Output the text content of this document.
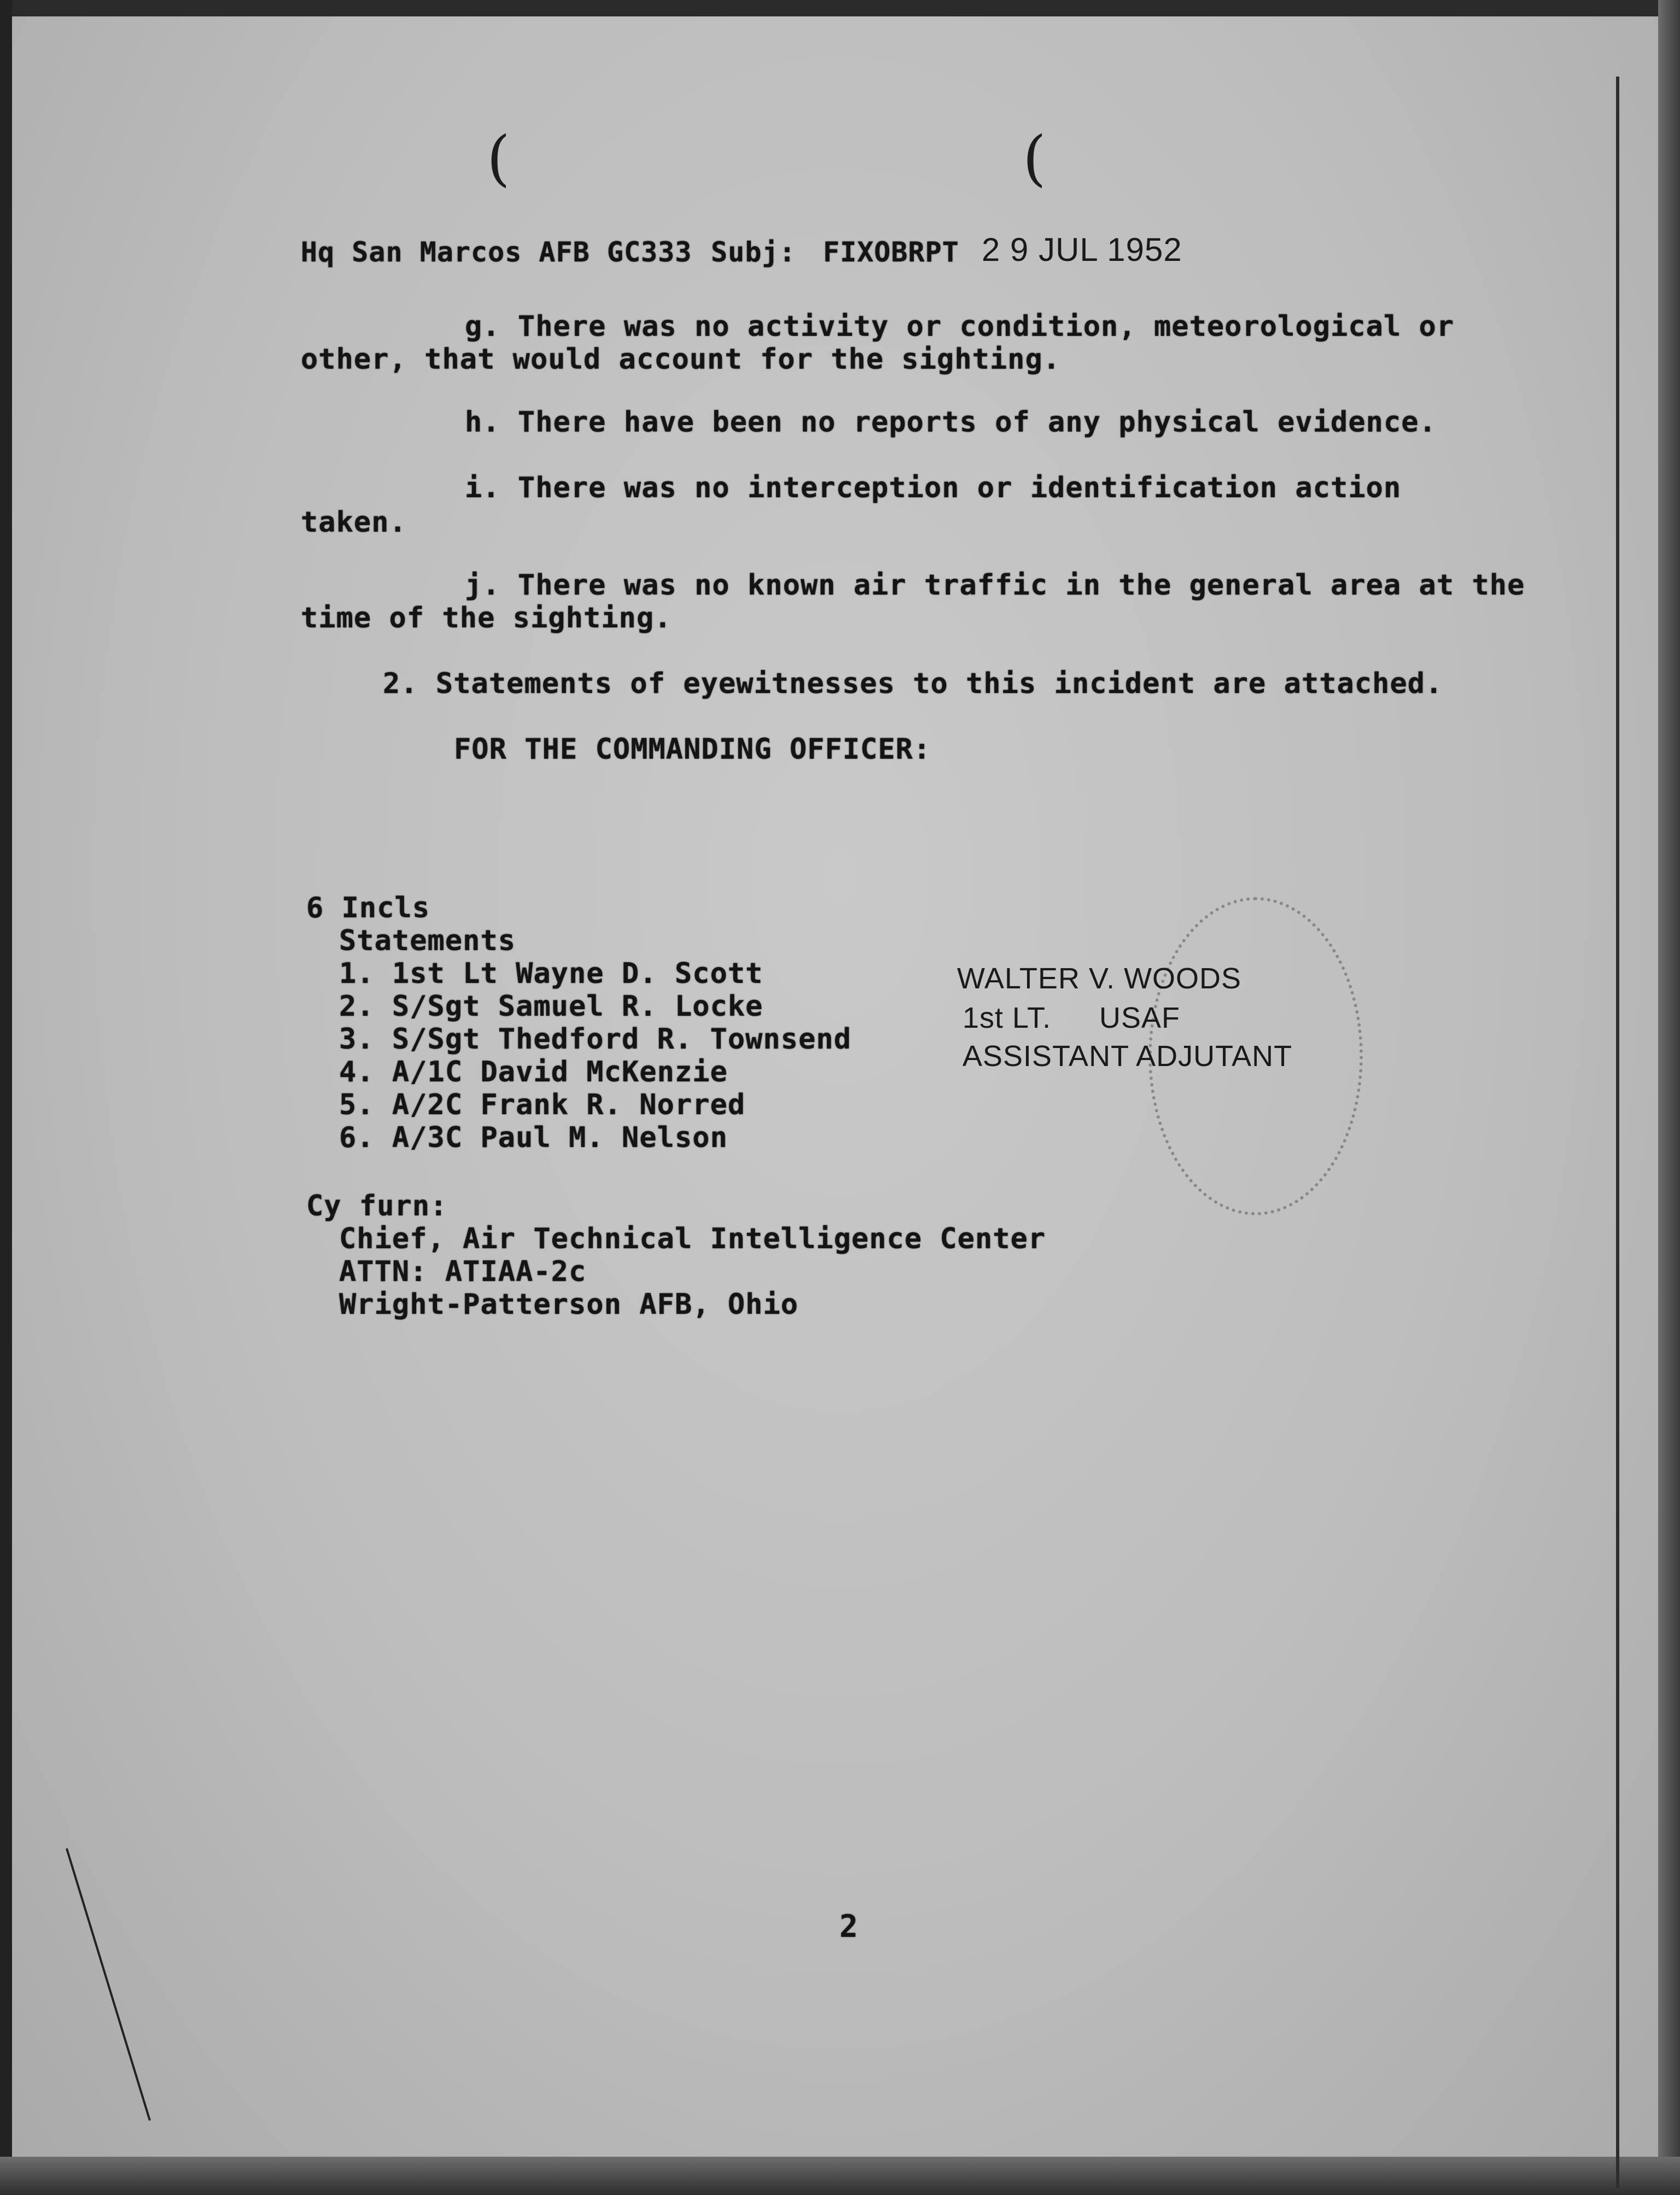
(	(
Hq San Marcos AFB GC333 Subj: FIXOBRPT 2 9 JUL 1952
g. There was no activity or condition, meteorological or
other, that would account for the sighting.
h. There have been no reports of any physical evidence.
i. There was no interception or identification action
taken.
j. There was no known air traffic in the general area at the
time of the sighting.
2. Statements of eyewitnesses to this incident are attached.
FOR THE COMMANDING OFFICER:
6 Incls
Statements
1. 1st Lt Wayne D. Scott
2. S/Sgt Samuel R. Locke
3. S/Sgt Thedford R. Townsend
4. A/1C David McKenzie
5. A/2C Frank R. Norred
6. A/3C Paul M. Nelson
WALTER V. WOODS
1st LT. USAF
ASSISTANT ADJUTANT
Cy furn:
Chief, Air Technical Intelligence Center
ATTN: ATIAA-2c
Wright-Patterson AFB, Ohio
2
